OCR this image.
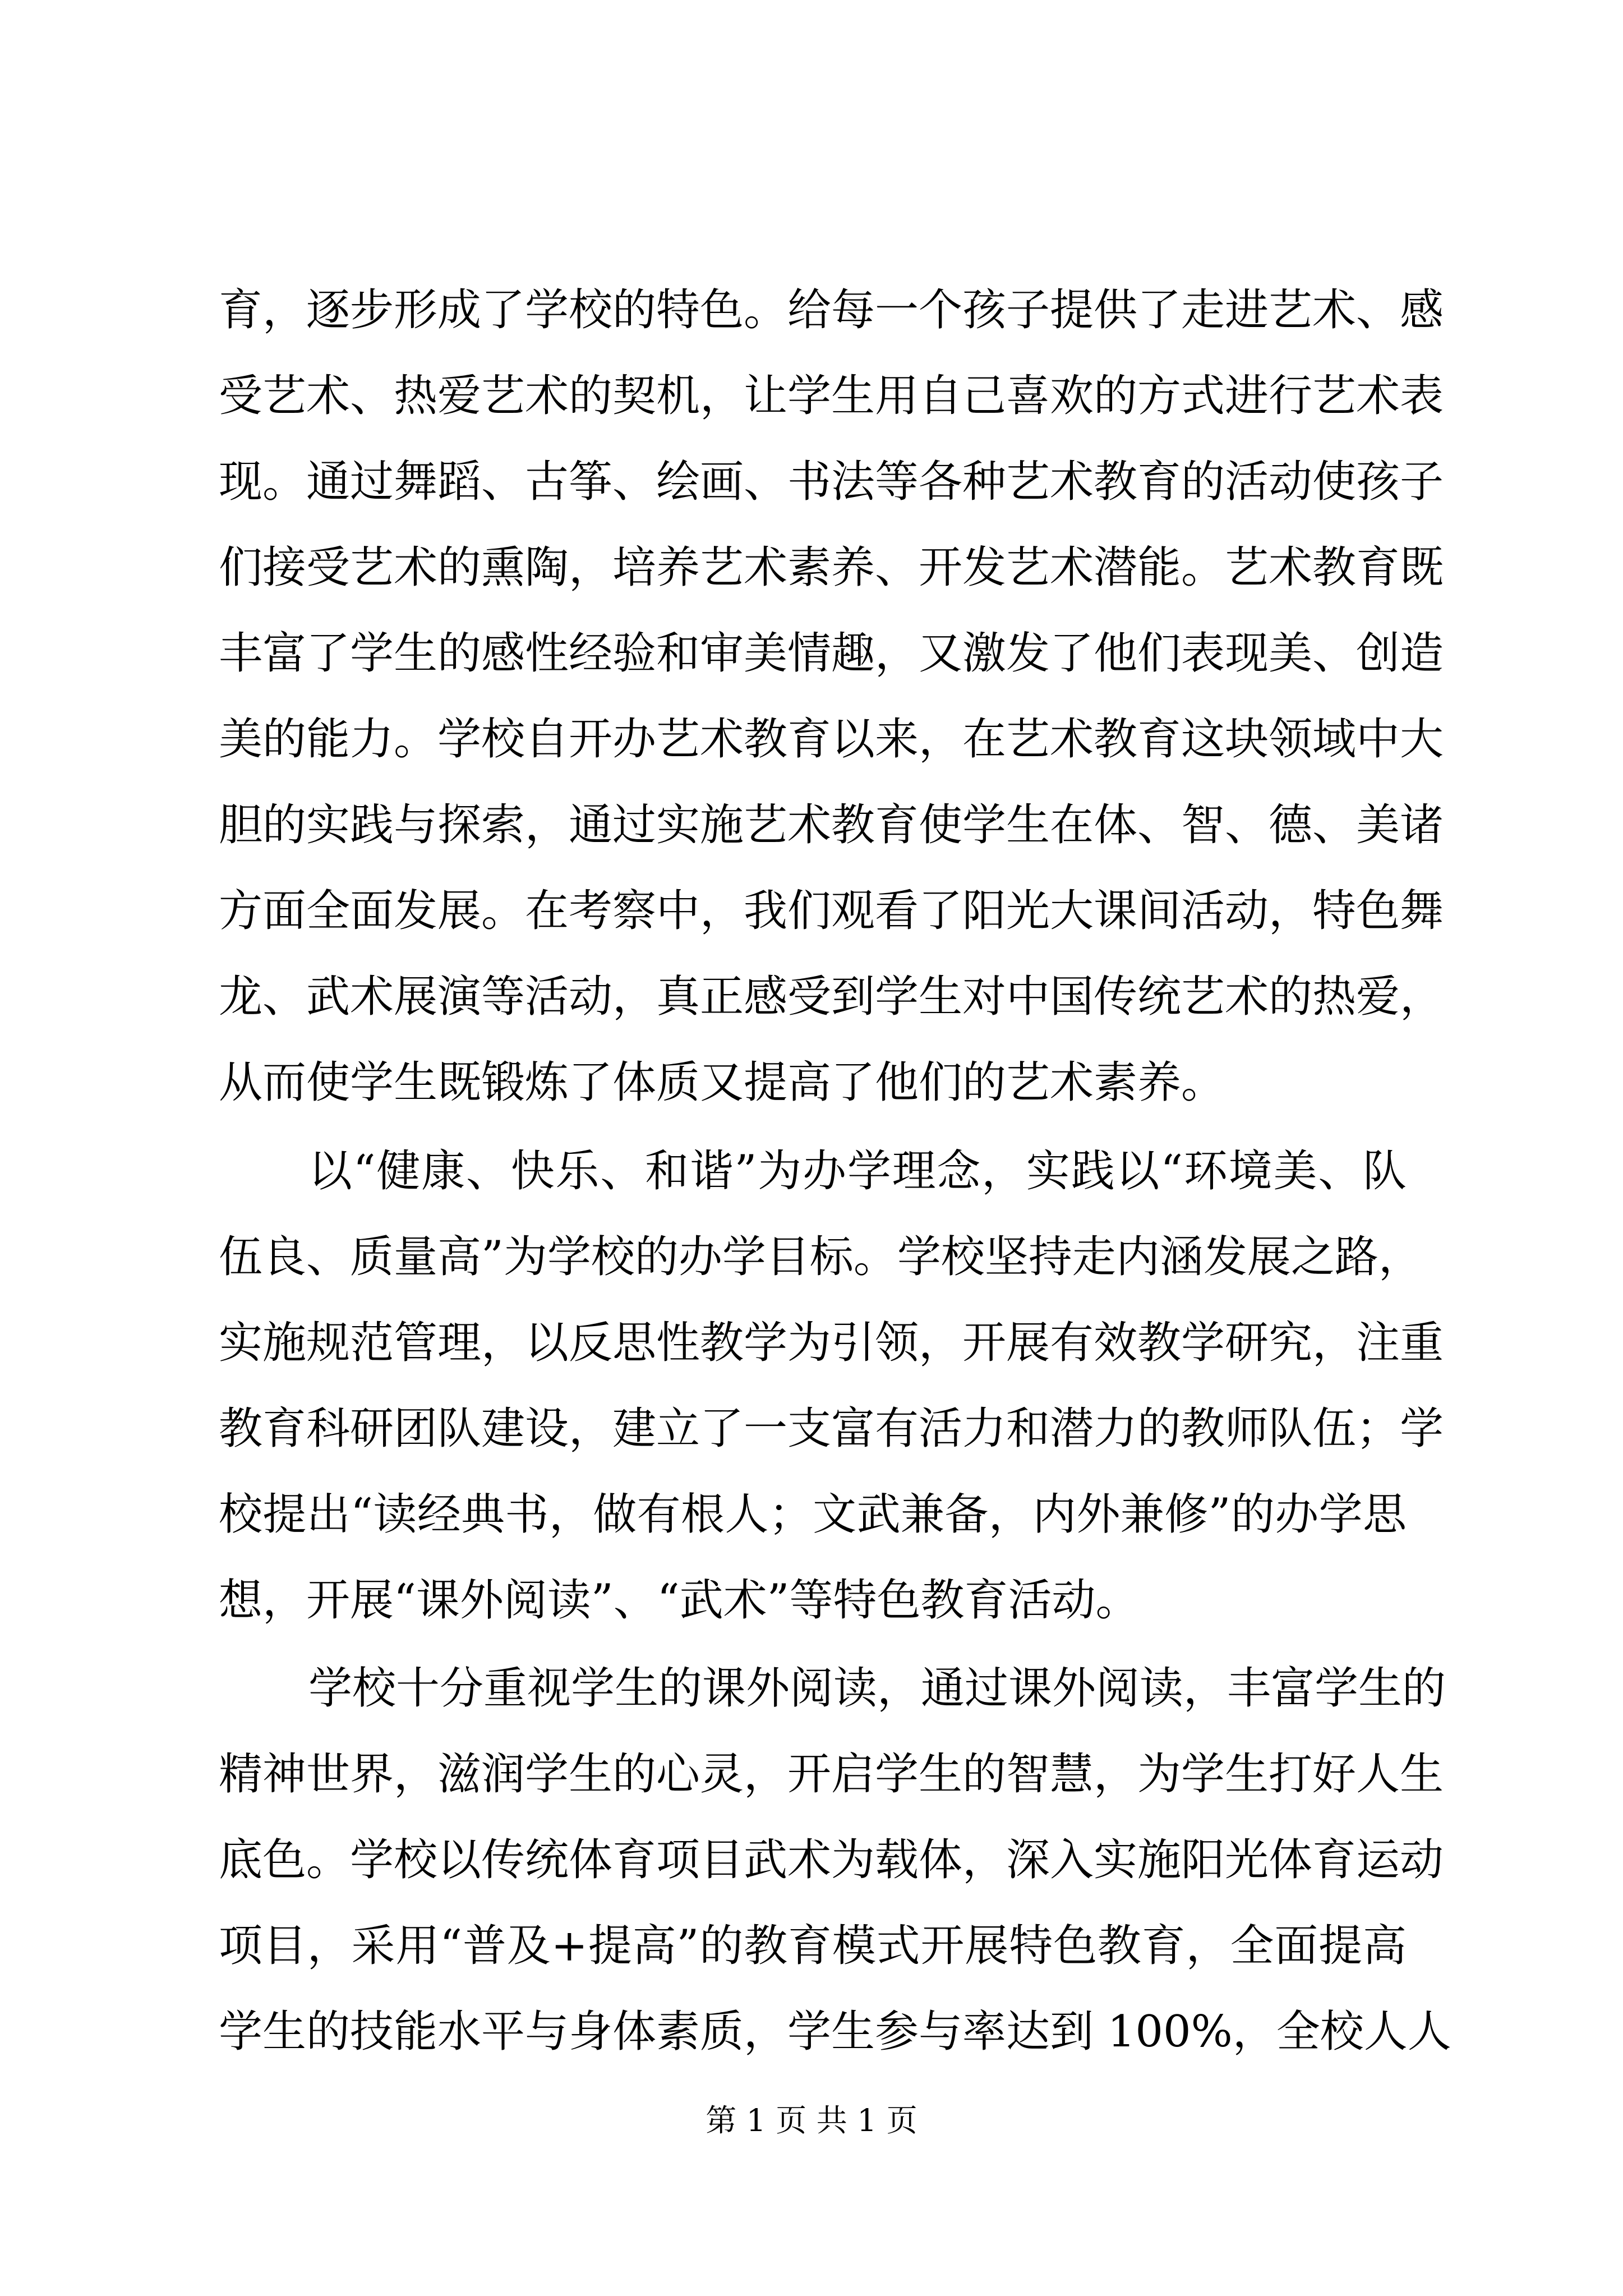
育，逐步形成了学校的特色。给每一个孩子提供了走进艺术、感
受艺术、热爱艺术的契机，让学生用自己喜欢的方式进行艺术表
现。通过舞蹈、古筝、绘画、书法等各种艺术教育的活动使孩子
们接受艺术的熏陶，培养艺术素养、开发艺术潜能。艺术教育既
丰富了学生的感性经验和审美情趣，又激发了他们表现美、创造
美的能力。学校自开办艺术教育以来，在艺术教育这块领域中大
胆的实践与探索，通过实施艺术教育使学生在体、智、德、美诸
方面全面发展。在考察中，我们观看了阳光大课间活动，特色舞
龙、武术展演等活动，真正感受到学生对中国传统艺术的热爱，
从而使学生既锻炼了体质又提高了他们的艺术素养。
以“健康、快乐、和谐”为办学理念，实践以“环境美、队
伍良、质量高”为学校的办学目标。学校坚持走内涵发展之路，
实施规范管理，以反思性教学为引领，开展有效教学研究，注重
教育科研团队建设，建立了一支富有活力和潜力的教师队伍；学
校提出“读经典书，做有根人；文武兼备，内外兼修”的办学思
想，开展“课外阅读”、“武术”等特色教育活动。
学校十分重视学生的课外阅读，通过课外阅读，丰富学生的
精神世界，滋润学生的心灵，开启学生的智慧，为学生打好人生
底色。学校以传统体育项目武术为载体，深入实施阳光体育运动
项目，采用“普及+提高”的教育模式开展特色教育，全面提高
学生的技能水平与身体素质，学生参与率达到 100%，全校人人
第 1 页 共 1 页
